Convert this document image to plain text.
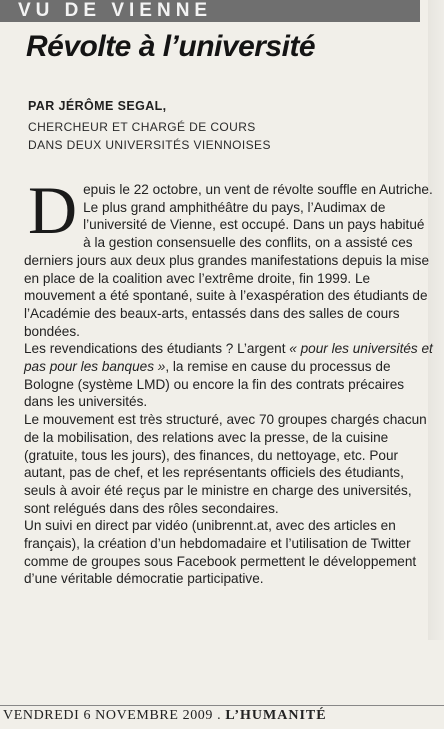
VU DE VIENNE
Révolte à l’université
PAR JÉRÔME SEGAL,
CHERCHEUR ET CHARGÉ DE COURS
DANS DEUX UNIVERSITÉS VIENNOISES

Depuis le 22 octobre, un vent de révolte souffle en Autriche. Le plus grand amphithéâtre du pays, l’Audimax de l’université de Vienne, est occupé. Dans un pays habitué à la gestion consensuelle des conflits, on a assisté ces derniers jours aux deux plus grandes manifestations depuis la mise en place de la coalition avec l’extrême droite, fin 1999. Le mouvement a été spontané, suite à l’exaspération des étudiants de l’Académie des beaux-arts, entassés dans des salles de cours bondées.

Les revendications des étudiants ? L’argent « pour les universités et pas pour les banques », la remise en cause du processus de Bologne (système LMD) ou encore la fin des contrats précaires dans les universités.

Le mouvement est très structuré, avec 70 groupes chargés chacun de la mobilisation, des relations avec la presse, de la cuisine (gratuite, tous les jours), des finances, du nettoyage, etc. Pour autant, pas de chef, et les représentants officiels des étudiants, seuls à avoir été reçus par le ministre en charge des universités, sont relégués dans des rôles secondaires.

Un suivi en direct par vidéo (unibrennt.at, avec des articles en français), la création d’un hebdomadaire et l’utilisation de Twitter comme de groupes sous Facebook permettent le développement d’une véritable démocratie participative.

VENDREDI 6 NOVEMBRE 2009 . L’HUMANITÉ
